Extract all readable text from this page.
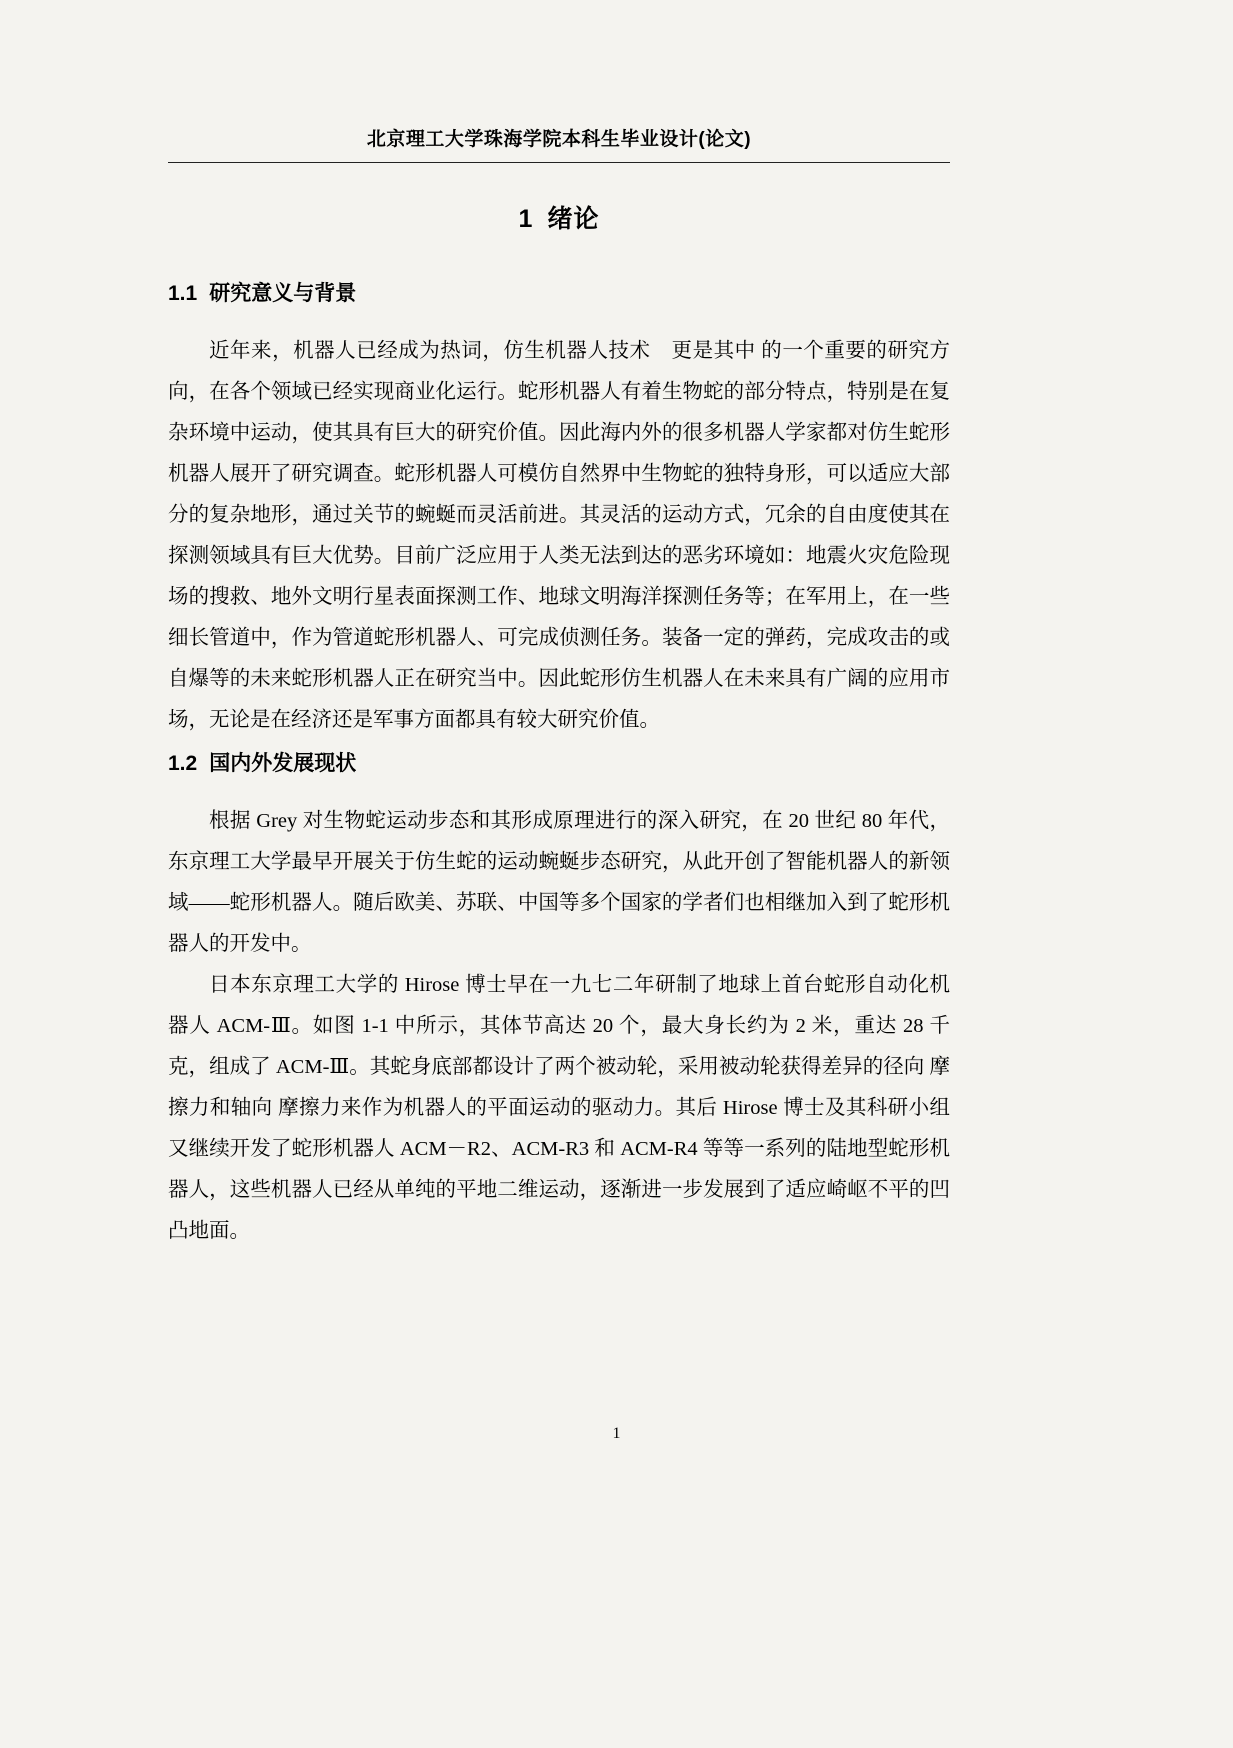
北京理工大学珠海学院本科生毕业设计(论文)
1 绪论
1.1 研究意义与背景

近年来，机器人已经成为热词，仿生机器人技术　更是其中 的一个重要的研究方向，在各个领域已经实现商业化运行。蛇形机器人有着生物蛇的部分特点，特别是在复杂环境中运动，使其具有巨大的研究价值。因此海内外的很多机器人学家都对仿生蛇形机器人展开了研究调查。蛇形机器人可模仿自然界中生物蛇的独特身形，可以适应大部分的复杂地形，通过关节的蜿蜒而灵活前进。其灵活的运动方式，冗余的自由度使其在探测领域具有巨大优势。目前广泛应用于人类无法到达的恶劣环境如：地震火灾危险现场的搜救、地外文明行星表面探测工作、地球文明海洋探测任务等；在军用上，在一些细长管道中，作为管道蛇形机器人、可完成侦测任务。装备一定的弹药，完成攻击的或自爆等的未来蛇形机器人正在研究当中。因此蛇形仿生机器人在未来具有广阔的应用市场，无论是在经济还是军事方面都具有较大研究价值。

1.2 国内外发展现状

根据 Grey 对生物蛇运动步态和其形成原理进行的深入研究，在 20 世纪 80 年代，东京理工大学最早开展关于仿生蛇的运动蜿蜒步态研究，从此开创了智能机器人的新领域——蛇形机器人。随后欧美、苏联、中国等多个国家的学者们也相继加入到了蛇形机器人的开发中。

日本东京理工大学的 Hirose 博士早在一九七二年研制了地球上首台蛇形自动化机器人 ACM-Ⅲ。如图 1-1 中所示，其体节高达 20 个，最大身长约为 2 米，重达 28 千克，组成了 ACM-Ⅲ。其蛇身底部都设计了两个被动轮，采用被动轮获得差异的径向 摩擦力和轴向 摩擦力来作为机器人的平面运动的驱动力。其后 Hirose 博士及其科研小组又继续开发了蛇形机器人 ACM－R2、ACM-R3 和 ACM-R4 等等一系列的陆地型蛇形机器人，这些机器人已经从单纯的平地二维运动，逐渐进一步发展到了适应崎岖不平的凹凸地面。

1
